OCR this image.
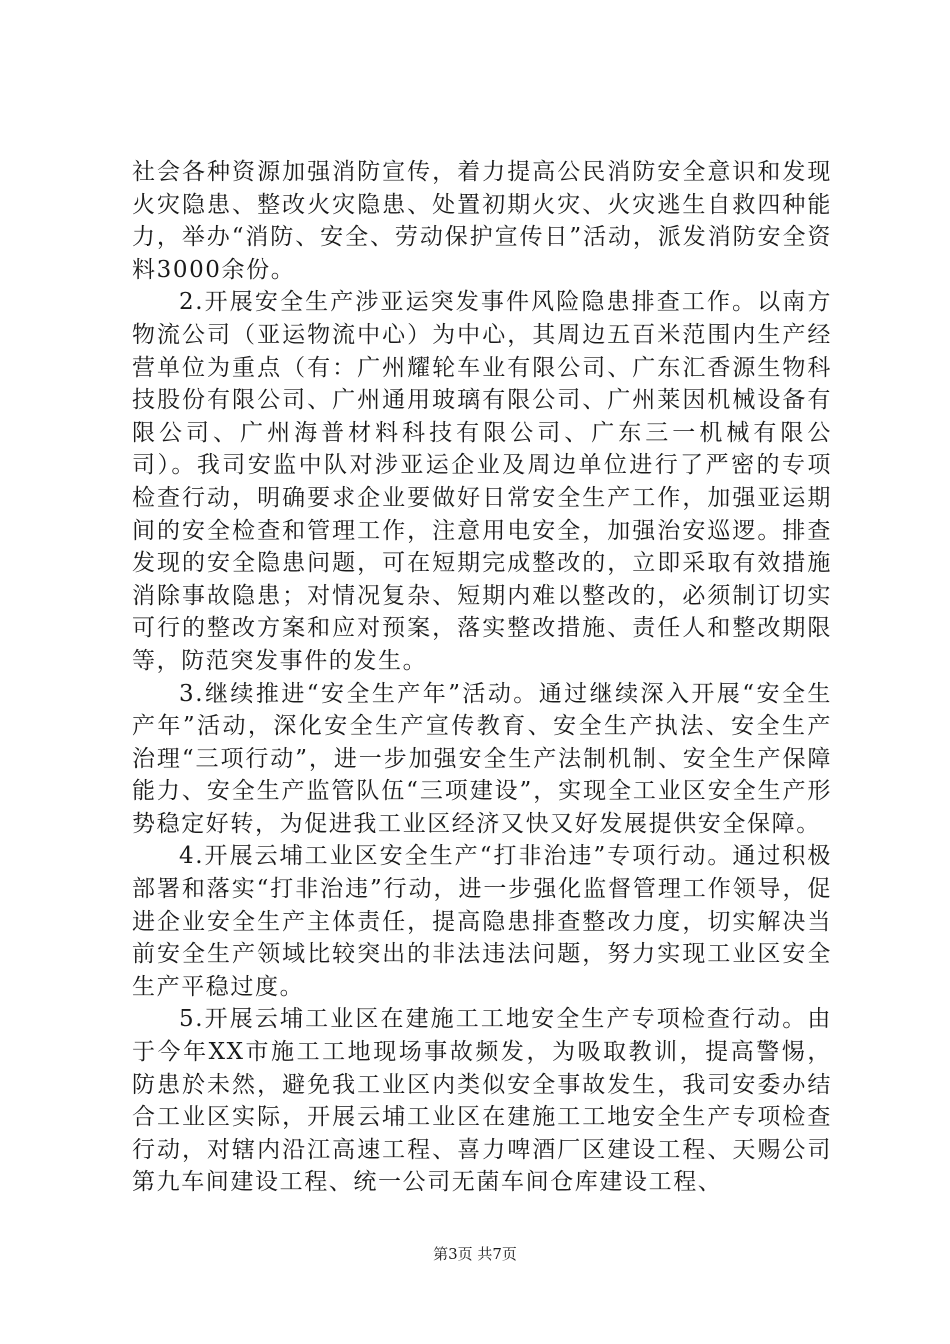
社会各种资源加强消防宣传，着力提高公民消防安全意识和发现火灾隐患、整改火灾隐患、处置初期火灾、火灾逃生自救四种能力，举办“消防、安全、劳动保护宣传日”活动，派发消防安全资料3000余份。

2.开展安全生产涉亚运突发事件风险隐患排查工作。以南方物流公司（亚运物流中心）为中心，其周边五百米范围内生产经营单位为重点（有：广州耀轮车业有限公司、广东汇香源生物科技股份有限公司、广州通用玻璃有限公司、广州莱因机械设备有限公司、广州海普材料科技有限公司、广东三一机械有限公司）。我司安监中队对涉亚运企业及周边单位进行了严密的专项检查行动，明确要求企业要做好日常安全生产工作，加强亚运期间的安全检查和管理工作，注意用电安全，加强治安巡逻。排查发现的安全隐患问题，可在短期完成整改的，立即采取有效措施消除事故隐患；对情况复杂、短期内难以整改的，必须制订切实可行的整改方案和应对预案，落实整改措施、责任人和整改期限等，防范突发事件的发生。

3.继续推进“安全生产年”活动。通过继续深入开展“安全生产年”活动，深化安全生产宣传教育、安全生产执法、安全生产治理“三项行动”，进一步加强安全生产法制机制、安全生产保障能力、安全生产监管队伍“三项建设”，实现全工业区安全生产形势稳定好转，为促进我工业区经济又快又好发展提供安全保障。

4.开展云埔工业区安全生产“打非治违”专项行动。通过积极部署和落实“打非治违”行动，进一步强化监督管理工作领导，促进企业安全生产主体责任，提高隐患排查整改力度，切实解决当前安全生产领域比较突出的非法违法问题，努力实现工业区安全生产平稳过度。

5.开展云埔工业区在建施工工地安全生产专项检查行动。由于今年XX市施工工地现场事故频发，为吸取教训，提高警惕，防患於未然，避免我工业区内类似安全事故发生，我司安委办结合工业区实际，开展云埔工业区在建施工工地安全生产专项检查行动，对辖内沿江高速工程、喜力啤酒厂区建设工程、天赐公司第九车间建设工程、统一公司无菌车间仓库建设工程、

第3页 共7页
